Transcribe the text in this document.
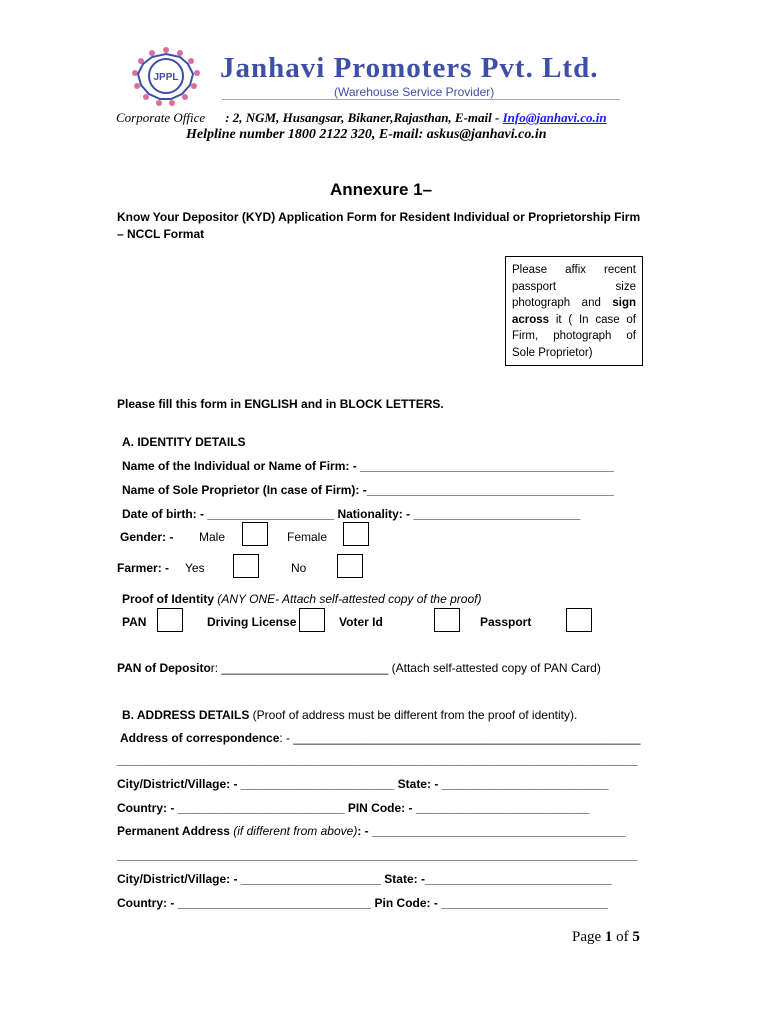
JPPL Janhavi Promoters Pvt. Ltd.
(Warehouse Service Provider)
Corporate Office : 2, NGM, Husangsar, Bikaner,Rajasthan, E-mail - Info@janhavi.co.in
Helpline number 1800 2122 320, E-mail: askus@janhavi.co.in
Annexure 1–
Know Your Depositor (KYD) Application Form for Resident Individual or Proprietorship Firm – NCCL Format
Please affix recent
passport size
photograph and sign
across it ( In case of
Firm, photograph of
Sole Proprietor)
Please fill this form in ENGLISH and in BLOCK LETTERS.
A. IDENTITY DETAILS
Name of the Individual or Name of Firm: - ______________________________________
Name of Sole Proprietor (In case of Firm): -_____________________________________
Date of birth: - ___________________ Nationality: - _________________________
Gender: - Male	Female
Farmer: - Yes	No
Proof of Identity (ANY ONE- Attach self-attested copy of the proof)
PAN	Driving License	Voter Id	Passport
PAN of Depositor: _________________________ (Attach self-attested copy of PAN Card)
B. ADDRESS DETAILS (Proof of address must be different from the proof of identity).
Address of correspondence: - ____________________________________________________
______________________________________________________________________________
City/District/Village: - _______________________ State: - _________________________
Country: - _________________________ PIN Code: - __________________________
Permanent Address (if different from above): - ______________________________________
______________________________________________________________________________
City/District/Village: - _____________________ State: -____________________________
Country: - _____________________________ Pin Code: - _________________________
Page 1 of 5
